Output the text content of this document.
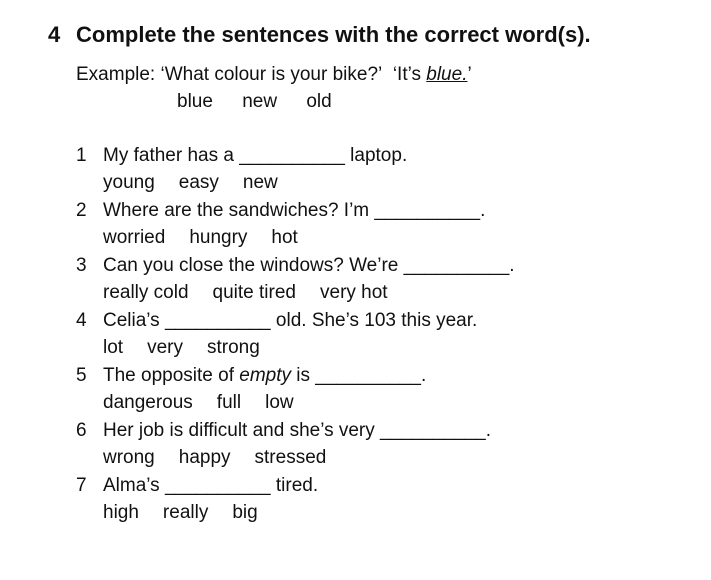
4 Complete the sentences with the correct word(s).
Example: ‘What colour is your bike?’ ‘It’s blue.’
blue new old
1 My father has a __________ laptop.
young easy new
2 Where are the sandwiches? I’m __________.
worried hungry hot
3 Can you close the windows? We’re __________.
really cold quite tired very hot
4 Celia’s __________ old. She’s 103 this year.
lot very strong
5 The opposite of empty is __________.
dangerous full low
6 Her job is difficult and she’s very __________.
wrong happy stressed
7 Alma’s __________ tired.
high really big
